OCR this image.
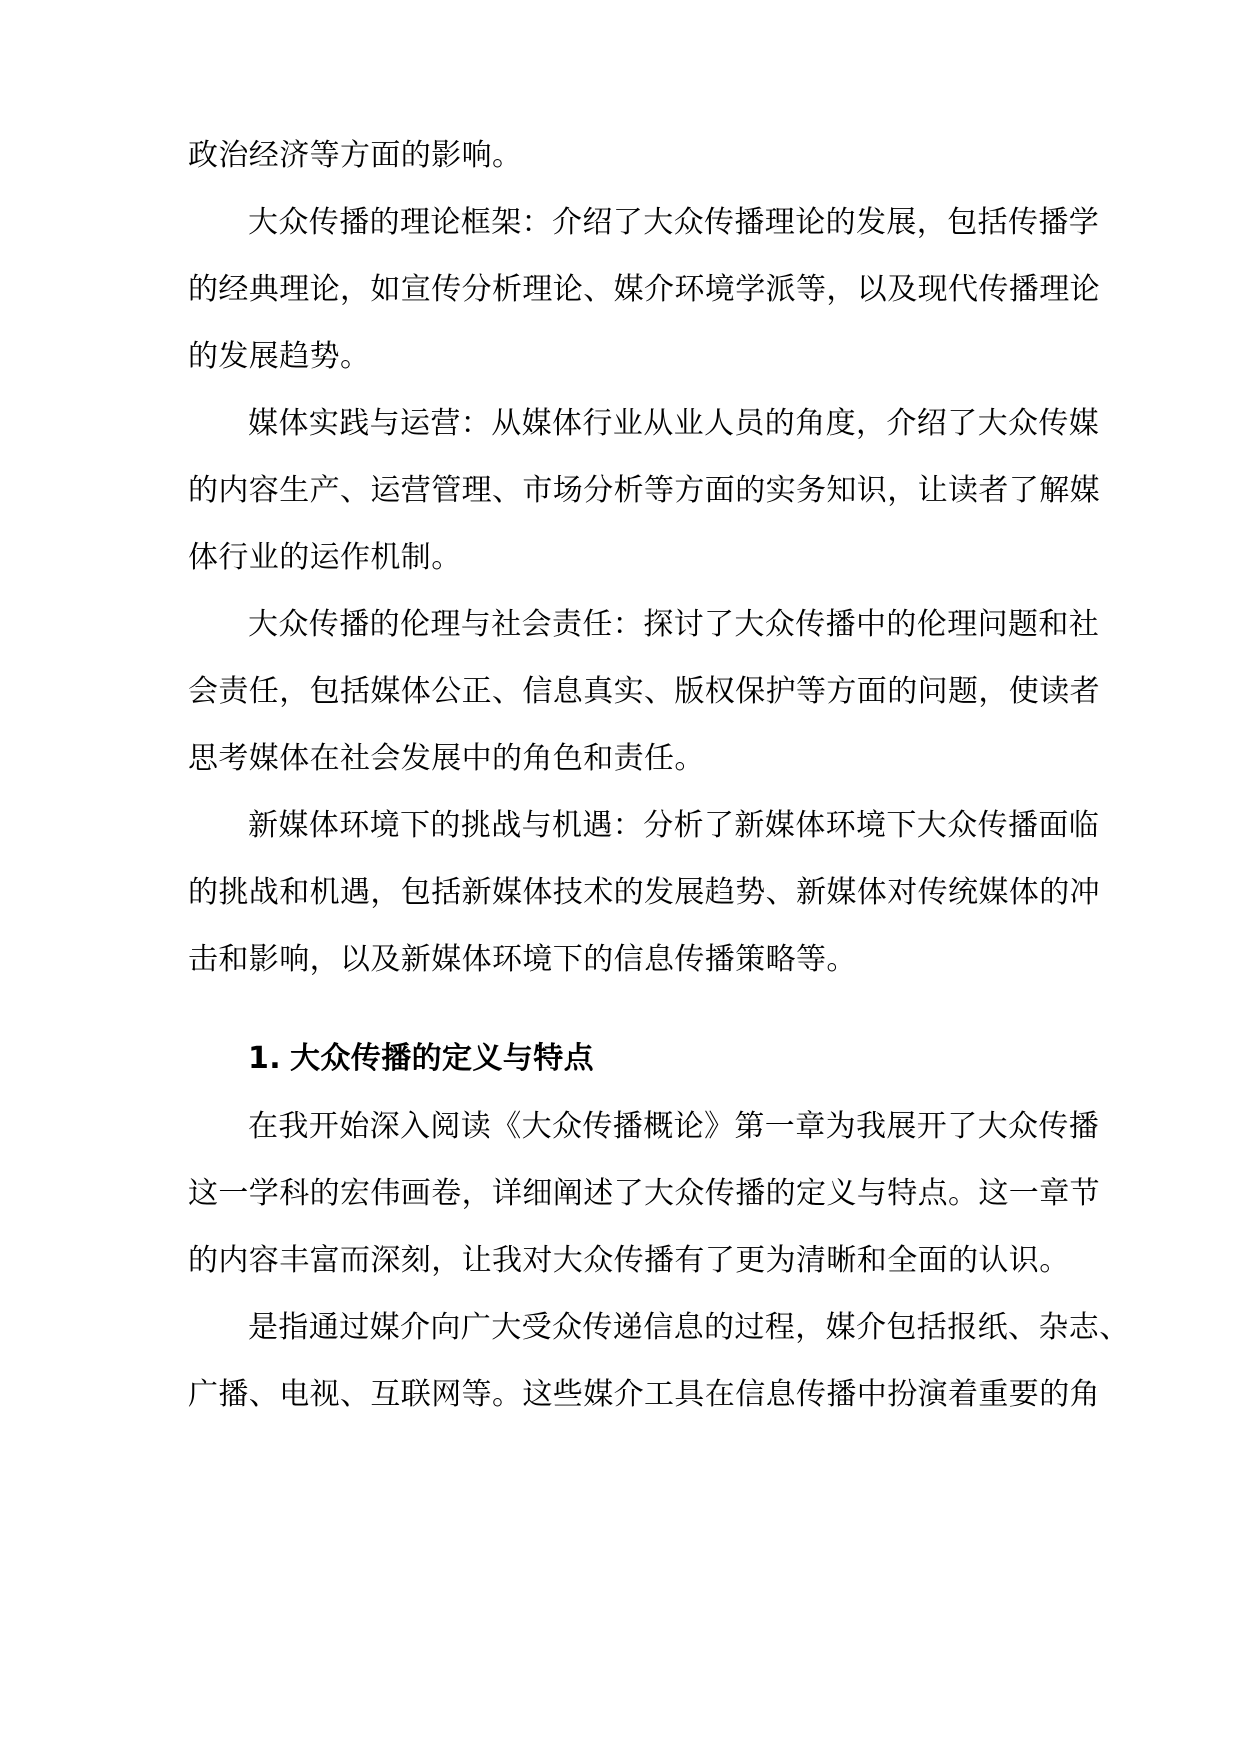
政治经济等方面的影响。
大众传播的理论框架：介绍了大众传播理论的发展，包括传播学
的经典理论，如宣传分析理论、媒介环境学派等，以及现代传播理论
的发展趋势。
媒体实践与运营：从媒体行业从业人员的角度，介绍了大众传媒
的内容生产、运营管理、市场分析等方面的实务知识，让读者了解媒
体行业的运作机制。
大众传播的伦理与社会责任：探讨了大众传播中的伦理问题和社
会责任，包括媒体公正、信息真实、版权保护等方面的问题，使读者
思考媒体在社会发展中的角色和责任。
新媒体环境下的挑战与机遇：分析了新媒体环境下大众传播面临
的挑战和机遇，包括新媒体技术的发展趋势、新媒体对传统媒体的冲
击和影响，以及新媒体环境下的信息传播策略等。
1. 大众传播的定义与特点
在我开始深入阅读《大众传播概论》第一章为我展开了大众传播
这一学科的宏伟画卷，详细阐述了大众传播的定义与特点。这一章节
的内容丰富而深刻，让我对大众传播有了更为清晰和全面的认识。
是指通过媒介向广大受众传递信息的过程，媒介包括报纸、杂志、
广播、电视、互联网等。这些媒介工具在信息传播中扮演着重要的角
